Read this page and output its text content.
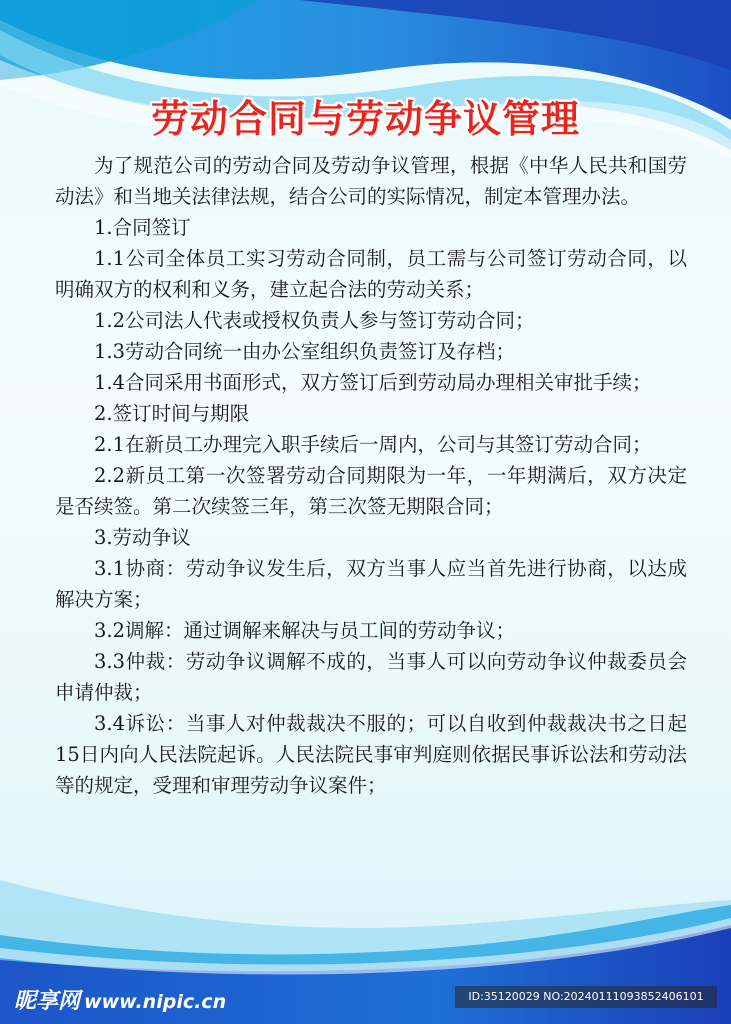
劳动合同与劳动争议管理

为了规范公司的劳动合同及劳动争议管理，根据《中华人民共和国劳动法》和当地关法律法规，结合公司的实际情况，制定本管理办法。

1.合同签订

1.1公司全体员工实习劳动合同制，员工需与公司签订劳动合同，以明确双方的权利和义务，建立起合法的劳动关系；

1.2公司法人代表或授权负责人参与签订劳动合同；

1.3劳动合同统一由办公室组织负责签订及存档；

1.4合同采用书面形式，双方签订后到劳动局办理相关审批手续；

2.签订时间与期限

2.1在新员工办理完入职手续后一周内，公司与其签订劳动合同；

2.2新员工第一次签署劳动合同期限为一年，一年期满后，双方决定是否续签。第二次续签三年，第三次签无期限合同；

3.劳动争议

3.1协商：劳动争议发生后，双方当事人应当首先进行协商，以达成解决方案；

3.2调解：通过调解来解决与员工间的劳动争议；

3.3仲裁：劳动争议调解不成的，当事人可以向劳动争议仲裁委员会申请仲裁；

3.4诉讼：当事人对仲裁裁决不服的；可以自收到仲裁裁决书之日起15日内向人民法院起诉。人民法院民事审判庭则依据民事诉讼法和劳动法等的规定，受理和审理劳动争议案件；

昵享网 www.nipic.cn	ID:35120029 NO:20240111093852406101
